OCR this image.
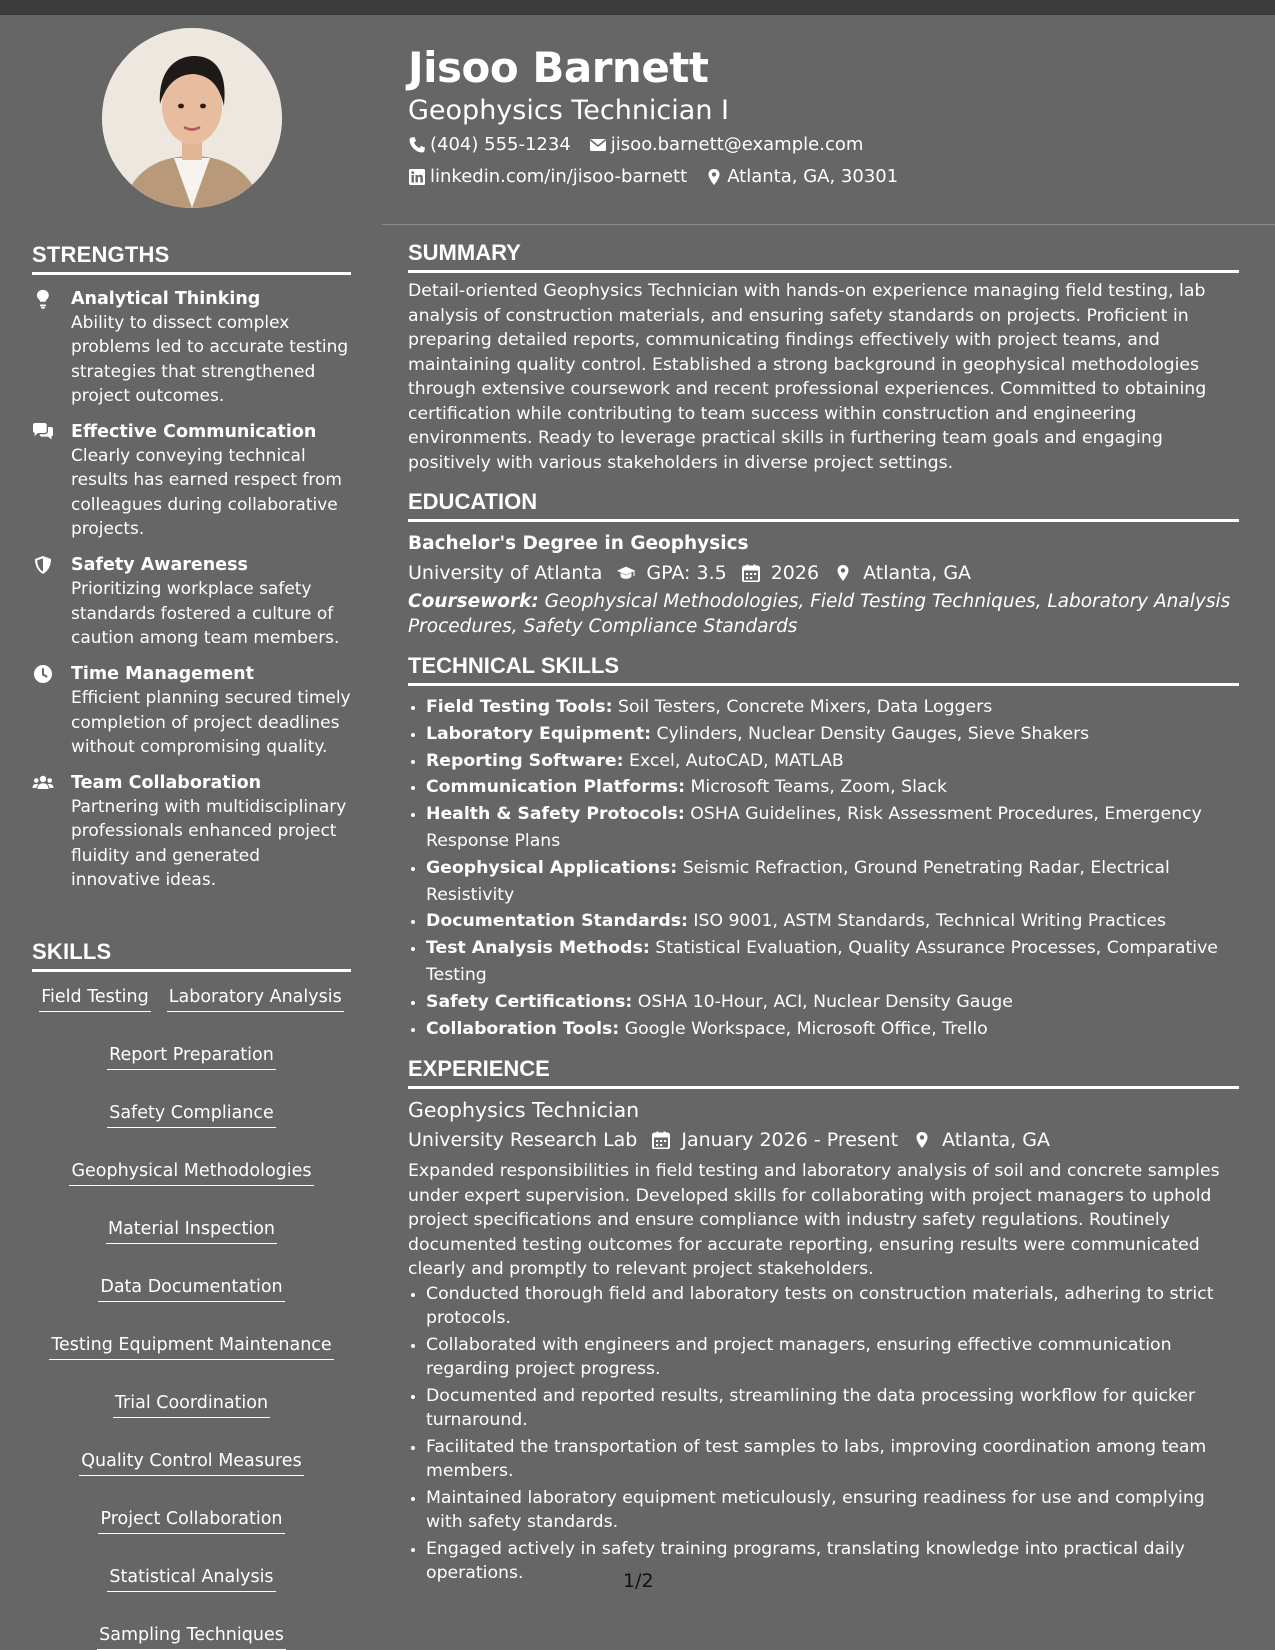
STRENGTHS
Analytical Thinking
Ability to dissect complex problems led to accurate testing strategies that strengthened project outcomes.
Effective Communication
Clearly conveying technical results has earned respect from colleagues during collaborative projects.
Safety Awareness
Prioritizing workplace safety standards fostered a culture of caution among team members.
Time Management
Efficient planning secured timely completion of project deadlines without compromising quality.
Team Collaboration
Partnering with multidisciplinary professionals enhanced project fluidity and generated innovative ideas.
SKILLS
Field Testing Laboratory Analysis
Report Preparation
Safety Compliance
Geophysical Methodologies
Material Inspection
Data Documentation
Testing Equipment Maintenance
Trial Coordination
Quality Control Measures
Project Collaboration
Statistical Analysis
Sampling Techniques
Jisoo Barnett
Geophysics Technician I
(404) 555-1234 jisoo.barnett@example.com
linkedin.com/in/jisoo-barnett Atlanta, GA, 30301
SUMMARY

Detail-oriented Geophysics Technician with hands-on experience managing field testing, lab analysis of construction materials, and ensuring safety standards on projects. Proficient in preparing detailed reports, communicating findings effectively with project teams, and maintaining quality control. Established a strong background in geophysical methodologies through extensive coursework and recent professional experiences. Committed to obtaining certification while contributing to team success within construction and engineering environments. Ready to leverage practical skills in furthering team goals and engaging positively with various stakeholders in diverse project settings.

EDUCATION
Bachelor's Degree in Geophysics
University of Atlanta GPA: 3.5 2026 Atlanta, GA
Coursework: Geophysical Methodologies, Field Testing Techniques, Laboratory Analysis Procedures, Safety Compliance Standards
TECHNICAL SKILLS
• Field Testing Tools: Soil Testers, Concrete Mixers, Data Loggers
• Laboratory Equipment: Cylinders, Nuclear Density Gauges, Sieve Shakers
• Reporting Software: Excel, AutoCAD, MATLAB
• Communication Platforms: Microsoft Teams, Zoom, Slack
• Health & Safety Protocols: OSHA Guidelines, Risk Assessment Procedures, Emergency Response Plans
• Geophysical Applications: Seismic Refraction, Ground Penetrating Radar, Electrical Resistivity
• Documentation Standards: ISO 9001, ASTM Standards, Technical Writing Practices
• Test Analysis Methods: Statistical Evaluation, Quality Assurance Processes, Comparative Testing
• Safety Certifications: OSHA 10-Hour, ACI, Nuclear Density Gauge
• Collaboration Tools: Google Workspace, Microsoft Office, Trello
EXPERIENCE
Geophysics Technician
University Research Lab January 2026 - Present Atlanta, GA
Expanded responsibilities in field testing and laboratory analysis of soil and concrete samples under expert supervision. Developed skills for collaborating with project managers to uphold project specifications and ensure compliance with industry safety regulations. Routinely documented testing outcomes for accurate reporting, ensuring results were communicated clearly and promptly to relevant project stakeholders.
• Conducted thorough field and laboratory tests on construction materials, adhering to strict protocols.
• Collaborated with engineers and project managers, ensuring effective communication regarding project progress.
• Documented and reported results, streamlining the data processing workflow for quicker turnaround.
• Facilitated the transportation of test samples to labs, improving coordination among team members.
• Maintained laboratory equipment meticulously, ensuring readiness for use and complying with safety standards.
• Engaged actively in safety training programs, translating knowledge into practical daily operations.	1/2
